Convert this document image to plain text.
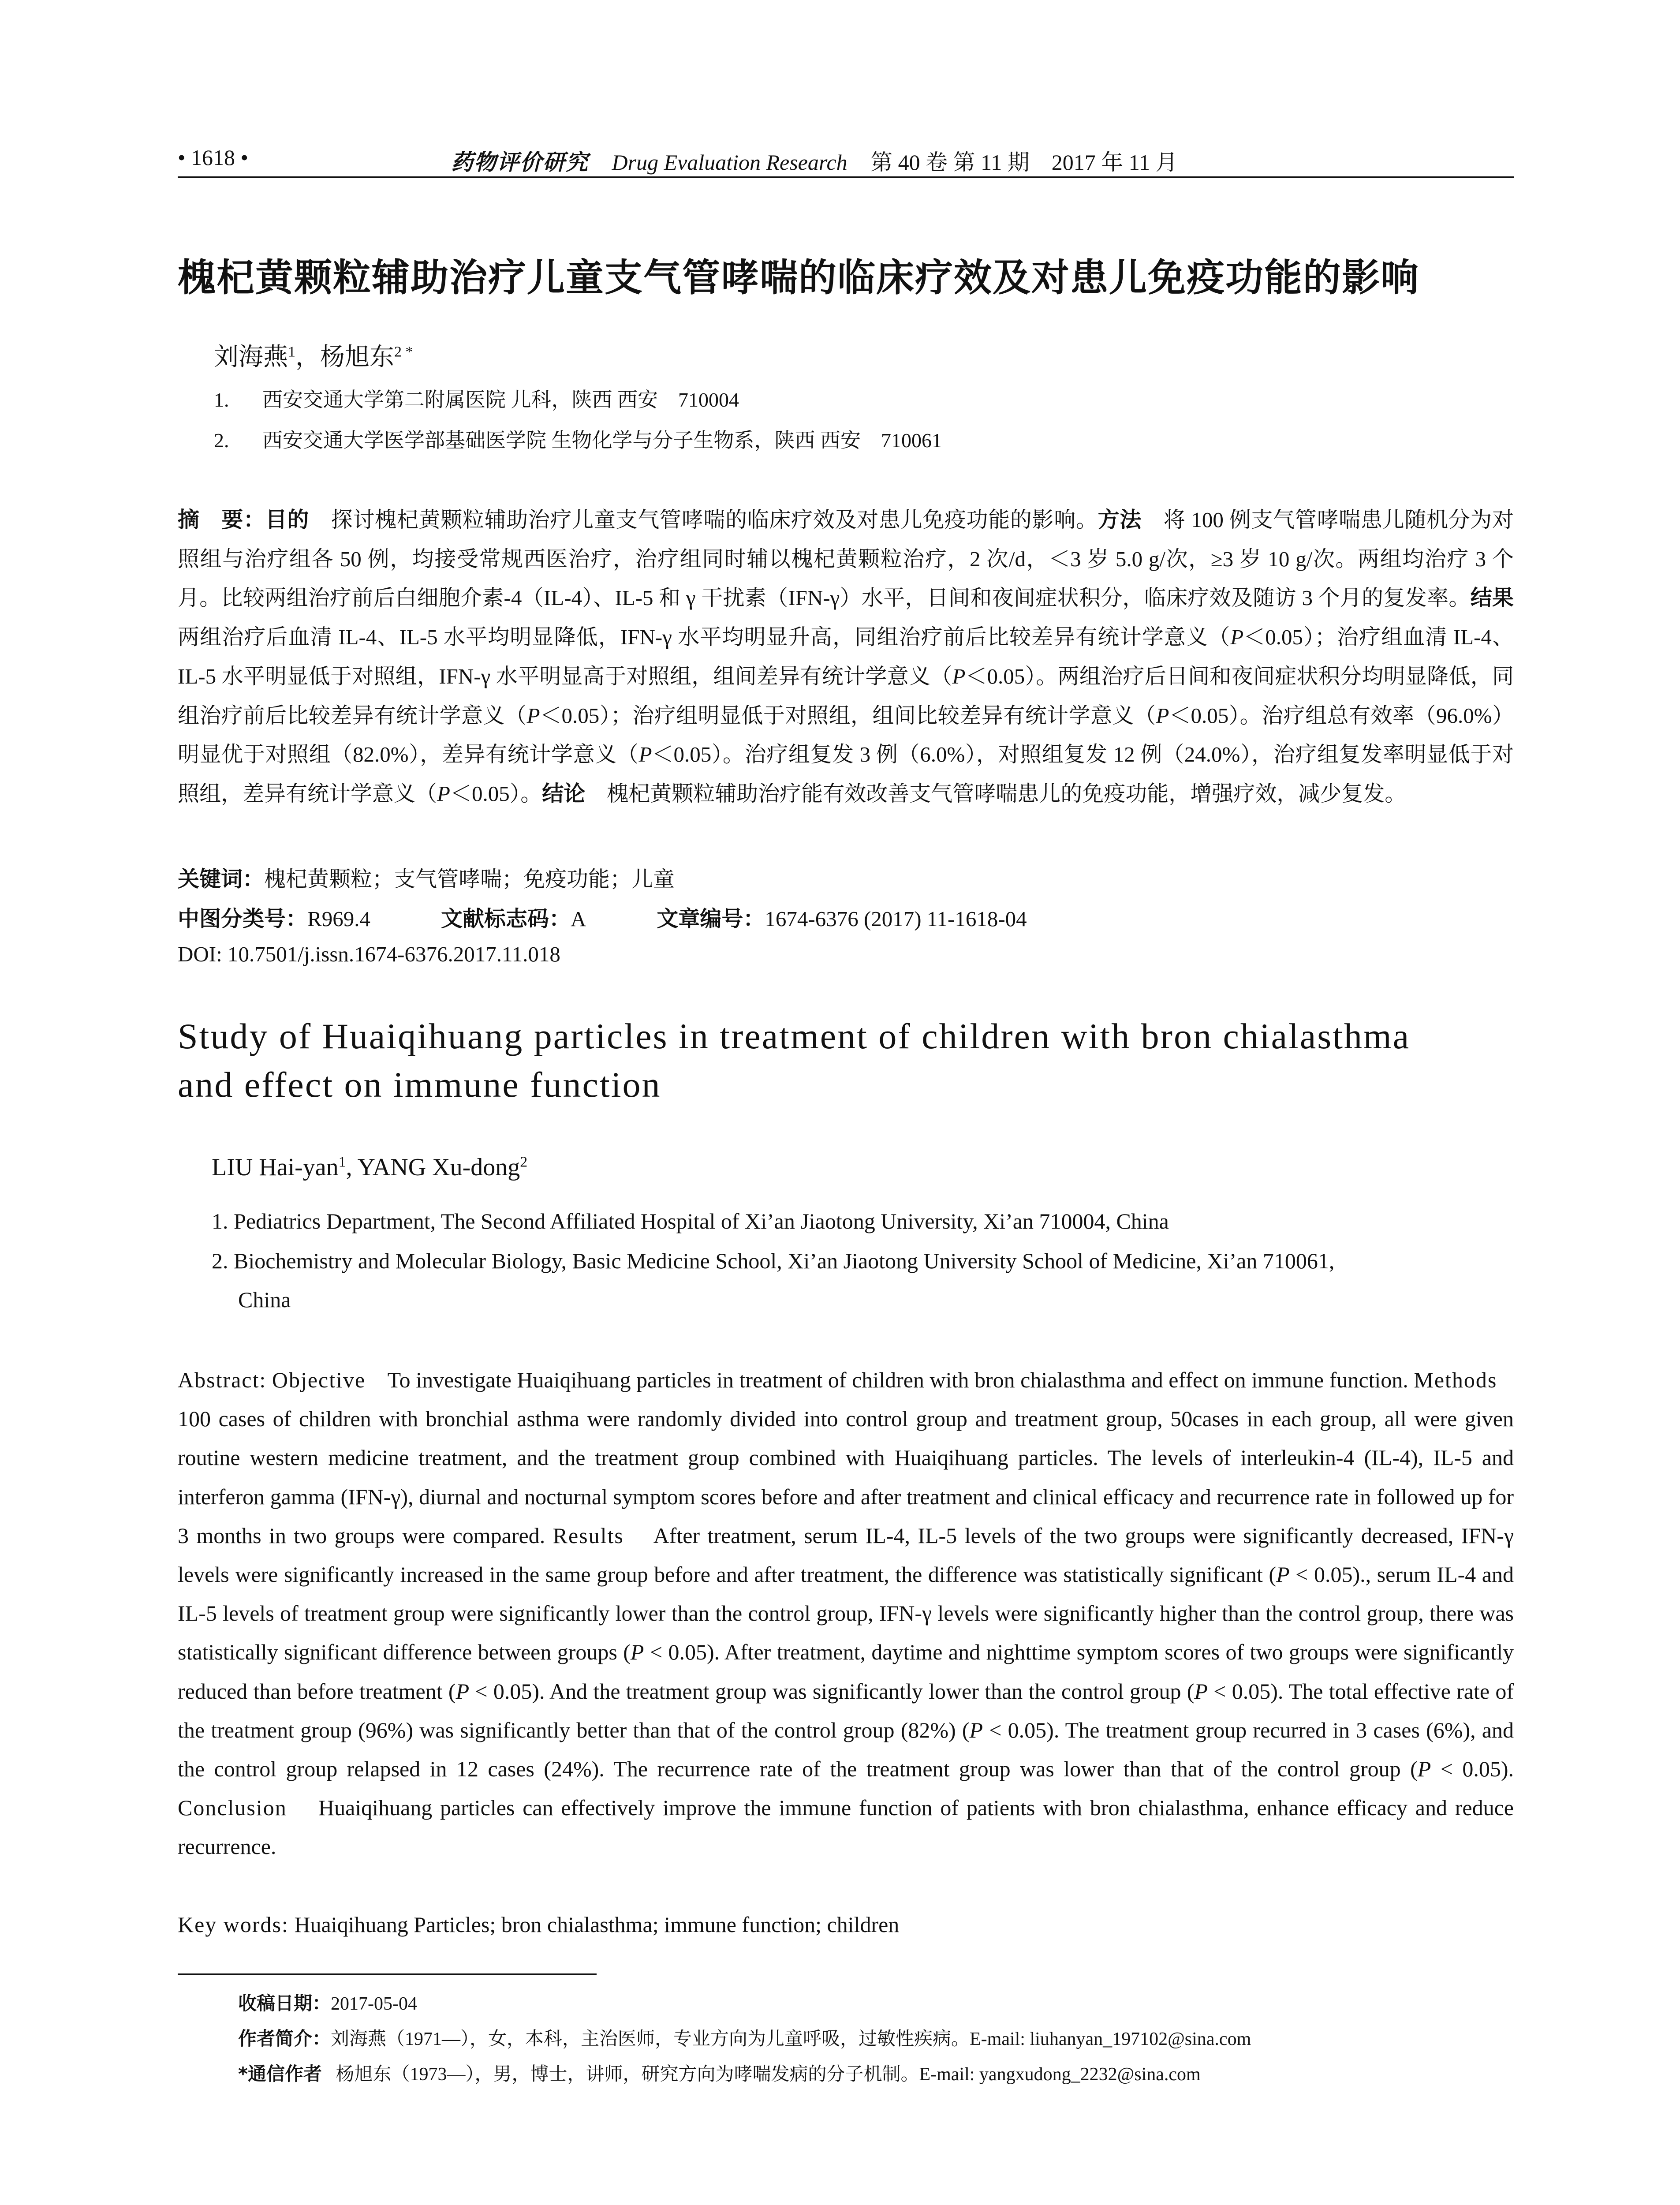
• 1618 •	药物评价研究 Drug Evaluation Research 第 40 卷 第 11 期　2017 年 11 月
槐杞黄颗粒辅助治疗儿童支气管哮喘的临床疗效及对患儿免疫功能的影响
刘海燕$^1$，杨旭东$^{2 *}$
1. 西安交通大学第二附属医院 儿科，陕西 西安　710004
2. 西安交通大学医学部基础医学院 生物化学与分子生物系，陕西 西安　710061
摘　要：目的　 探讨槐杞黄颗粒辅助治疗儿童支气管哮喘的临床疗效及对患儿免疫功能的影响。方法　 将 100 例支气管哮喘患儿随机分为对照组与治疗组各 50 例，均接受常规西医治疗，治疗组同时辅以槐杞黄颗粒治疗，2 次/d，＜3 岁 5.0 g/次，≥3 岁 10 g/次。两组均治疗 3 个月。比较两组治疗前后白细胞介素-4（IL-4）、IL-5 和 γ 干扰素（IFN-γ）水平，日间和夜间症状积分，临床疗效及随访 3 个月的复发率。结果　两组治疗后血清 IL-4、IL-5 水平均明显降低，IFN-γ 水平均明显升高，同组治疗前后比较差异有统计学意义（P＜0.05）；治疗组血清 IL-4、IL-5 水平明显低于对照组，IFN-γ 水平明显高于对照组，组间差异有统计学意义（P＜0.05）。两组治疗后日间和夜间症状积分均明显降低，同组治疗前后比较差异有统计学意义（P＜0.05）；治疗组明显低于对照组，组间比较差异有统计学意义（P＜0.05）。治疗组总有效率（96.0%）明显优于对照组（82.0%），差异有统计学意义（P＜0.05）。治疗组复发 3 例（6.0%），对照组复发 12 例（24.0%），治疗组复发率明显低于对照组，差异有统计学意义（P＜0.05）。结论　 槐杞黄颗粒辅助治疗能有效改善支气管哮喘患儿的免疫功能，增强疗效，减少复发。
关键词：槐杞黄颗粒；支气管哮喘；免疫功能；儿童
中图分类号：R969.4	文献标志码：A	文章编号：1674-6376 (2017) 11-1618-04
DOI: 10.7501/j.issn.1674-6376.2017.11.018
Study of Huaiqihuang particles in treatment of children with bron chialasthma
and effect on immune function
LIU Hai-yan$^1$, YANG Xu-dong$^2$
1. Pediatrics Department, The Second Affiliated Hospital of Xi’an Jiaotong University, Xi’an 710004, China
2. Biochemistry and Molecular Biology, Basic Medicine School, Xi’an Jiaotong University School of Medicine, Xi’an 710061,
China
Abstract: Objective To investigate Huaiqihuang particles in treatment of children with bron chialasthma and effect on immune function. Methods    100 cases of children with bronchial asthma were randomly divided into control group and treatment group, 50cases in each group, all were given routine western medicine treatment, and the treatment group combined with Huaiqihuang particles. The levels of interleukin-4 (IL-4), IL-5 and interferon gamma (IFN-γ), diurnal and nocturnal symptom scores before and after treatment and clinical efficacy and recurrence rate in followed up for 3 months in two groups were compared. Results After treatment, serum IL-4, IL-5 levels of the two groups were significantly decreased, IFN-γ levels were significantly increased in the same group before and after treatment, the difference was statistically significant (P < 0.05)., serum IL-4 and IL-5 levels of treatment group were significantly lower than the control group, IFN-γ levels were significantly higher than the control group, there was statistically significant difference between groups (P < 0.05). After treatment, daytime and nighttime symptom scores of two groups were significantly reduced than before treatment (P < 0.05). And the treatment group was significantly lower than the control group (P < 0.05). The total effective rate of the treatment group (96%) was significantly better than that of the control group (82%) (P < 0.05). The treatment group recurred in 3 cases (6%), and the control group relapsed in 12 cases (24%). The recurrence rate of the treatment group was lower than that of the control group (P < 0.05). Conclusion Huaiqihuang particles can effectively improve the immune function of patients with bron chialasthma, enhance efficacy and reduce recurrence.
Key words: Huaiqihuang Particles; bron chialasthma; immune function; children
收稿日期：2017-05-04
作者简介：刘海燕（1971—），女，本科，主治医师，专业方向为儿童呼吸，过敏性疾病。E-mail: liuhanyan_197102@sina.com
*通信作者 杨旭东（1973—），男，博士，讲师，研究方向为哮喘发病的分子机制。E-mail: yangxudong_2232@sina.com
